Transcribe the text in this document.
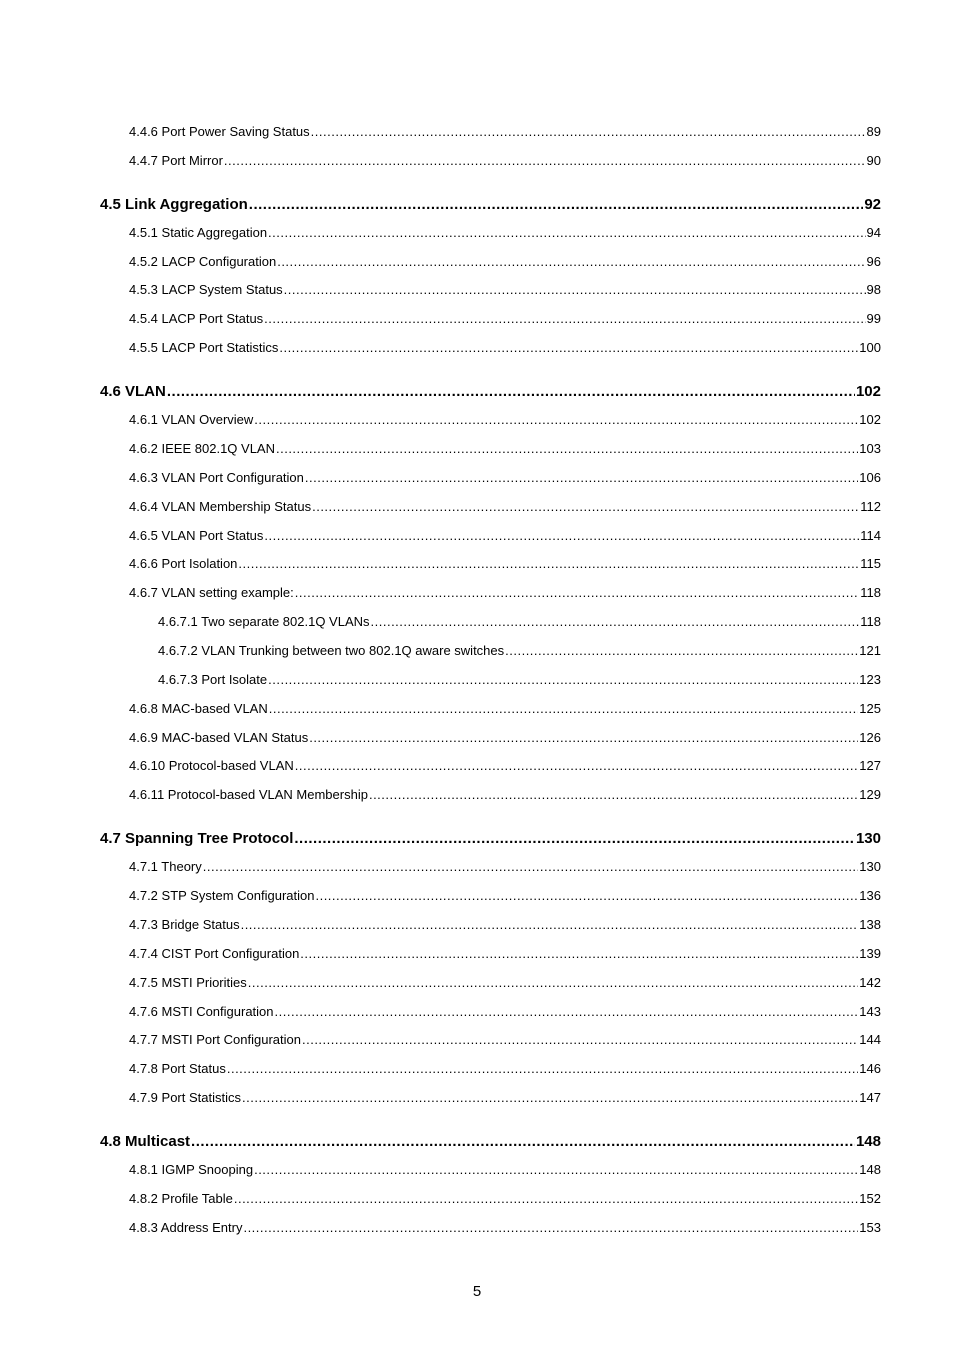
4.4.6 Port Power Saving Status .....	89
4.4.7 Port Mirror .....	90
4.5 Link Aggregation .....	92
4.5.1 Static Aggregation .....	94
4.5.2 LACP Configuration .....	96
4.5.3 LACP System Status .....	98
4.5.4 LACP Port Status .....	99
4.5.5 LACP Port Statistics .....	100
4.6 VLAN .....	102
4.6.1 VLAN Overview .....	102
4.6.2 IEEE 802.1Q VLAN .....	103
4.6.3 VLAN Port Configuration .....	106
4.6.4 VLAN Membership Status .....	112
4.6.5 VLAN Port Status .....	114
4.6.6 Port Isolation .....	115
4.6.7 VLAN setting example: .....	118
4.6.7.1 Two separate 802.1Q VLANs .....	118
4.6.7.2 VLAN Trunking between two 802.1Q aware switches .....	121
4.6.7.3 Port Isolate .....	123
4.6.8 MAC-based VLAN .....	125
4.6.9 MAC-based VLAN Status .....	126
4.6.10 Protocol-based VLAN .....	127
4.6.11 Protocol-based VLAN Membership .....	129
4.7 Spanning Tree Protocol .....	130
4.7.1 Theory .....	130
4.7.2 STP System Configuration .....	136
4.7.3 Bridge Status .....	138
4.7.4 CIST Port Configuration .....	139
4.7.5 MSTI Priorities .....	142
4.7.6 MSTI Configuration .....	143
4.7.7 MSTI Port Configuration .....	144
4.7.8 Port Status .....	146
4.7.9 Port Statistics .....	147
4.8 Multicast .....	148
4.8.1 IGMP Snooping .....	148
4.8.2 Profile Table .....	152
4.8.3 Address Entry .....	153
5
